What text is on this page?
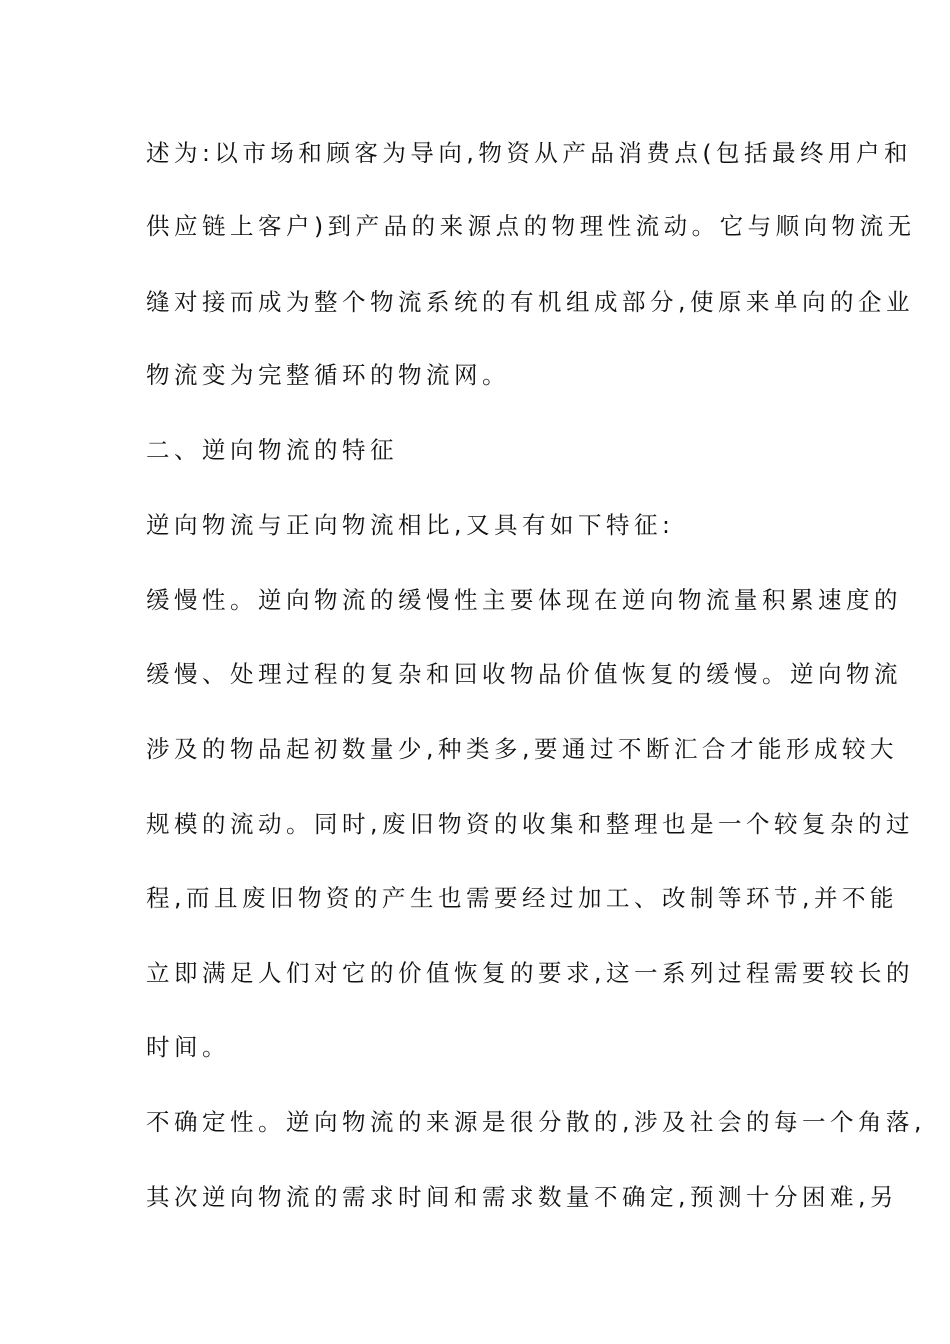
述为:以市场和顾客为导向,物资从产品消费点(包括最终用户和
供应链上客户)到产品的来源点的物理性流动。它与顺向物流无
缝对接而成为整个物流系统的有机组成部分,使原来单向的企业
物流变为完整循环的物流网。
二、逆向物流的特征
逆向物流与正向物流相比,又具有如下特征:
缓慢性。逆向物流的缓慢性主要体现在逆向物流量积累速度的
缓慢、处理过程的复杂和回收物品价值恢复的缓慢。逆向物流
涉及的物品起初数量少,种类多,要通过不断汇合才能形成较大
规模的流动。同时,废旧物资的收集和整理也是一个较复杂的过
程,而且废旧物资的产生也需要经过加工、改制等环节,并不能
立即满足人们对它的价值恢复的要求,这一系列过程需要较长的
时间。
不确定性。逆向物流的来源是很分散的,涉及社会的每一个角落,
其次逆向物流的需求时间和需求数量不确定,预测十分困难,另
